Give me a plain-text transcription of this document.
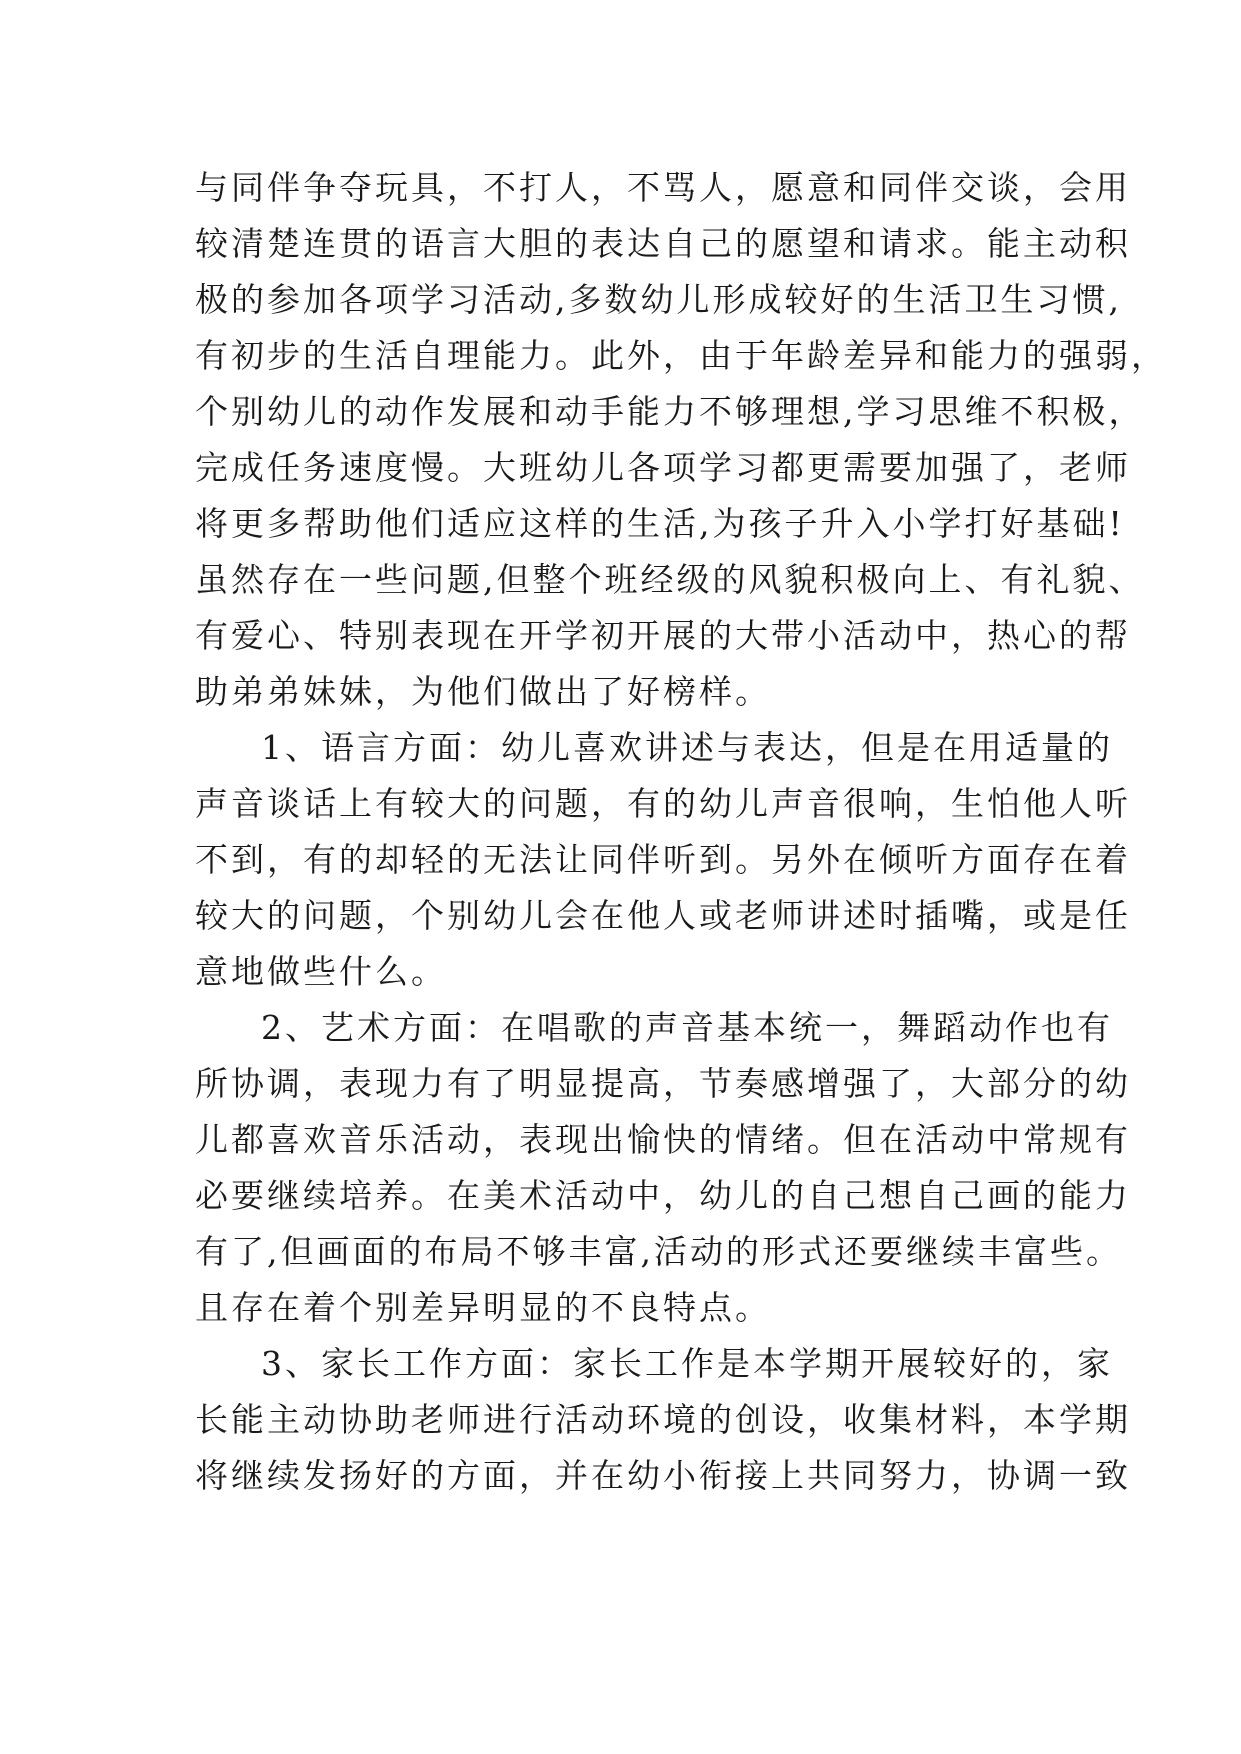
与同伴争夺玩具，不打人，不骂人，愿意和同伴交谈，会用
较清楚连贯的语言大胆的表达自己的愿望和请求。能主动积
极的参加各项学习活动,多数幼儿形成较好的生活卫生习惯,
有初步的生活自理能力。此外，由于年龄差异和能力的强弱，
个别幼儿的动作发展和动手能力不够理想,学习思维不积极，
完成任务速度慢。大班幼儿各项学习都更需要加强了，老师
将更多帮助他们适应这样的生活,为孩子升入小学打好基础!
虽然存在一些问题,但整个班经级的风貌积极向上、有礼貌、
有爱心、特别表现在开学初开展的大带小活动中，热心的帮
助弟弟妹妹，为他们做出了好榜样。
1、语言方面：幼儿喜欢讲述与表达，但是在用适量的
声音谈话上有较大的问题，有的幼儿声音很响，生怕他人听
不到，有的却轻的无法让同伴听到。另外在倾听方面存在着
较大的问题，个别幼儿会在他人或老师讲述时插嘴，或是任
意地做些什么。
2、艺术方面：在唱歌的声音基本统一，舞蹈动作也有
所协调，表现力有了明显提高，节奏感增强了，大部分的幼
儿都喜欢音乐活动，表现出愉快的情绪。但在活动中常规有
必要继续培养。在美术活动中，幼儿的自己想自己画的能力
有了,但画面的布局不够丰富,活动的形式还要继续丰富些。
且存在着个别差异明显的不良特点。
3、家长工作方面：家长工作是本学期开展较好的，家
长能主动协助老师进行活动环境的创设，收集材料，本学期
将继续发扬好的方面，并在幼小衔接上共同努力，协调一致
